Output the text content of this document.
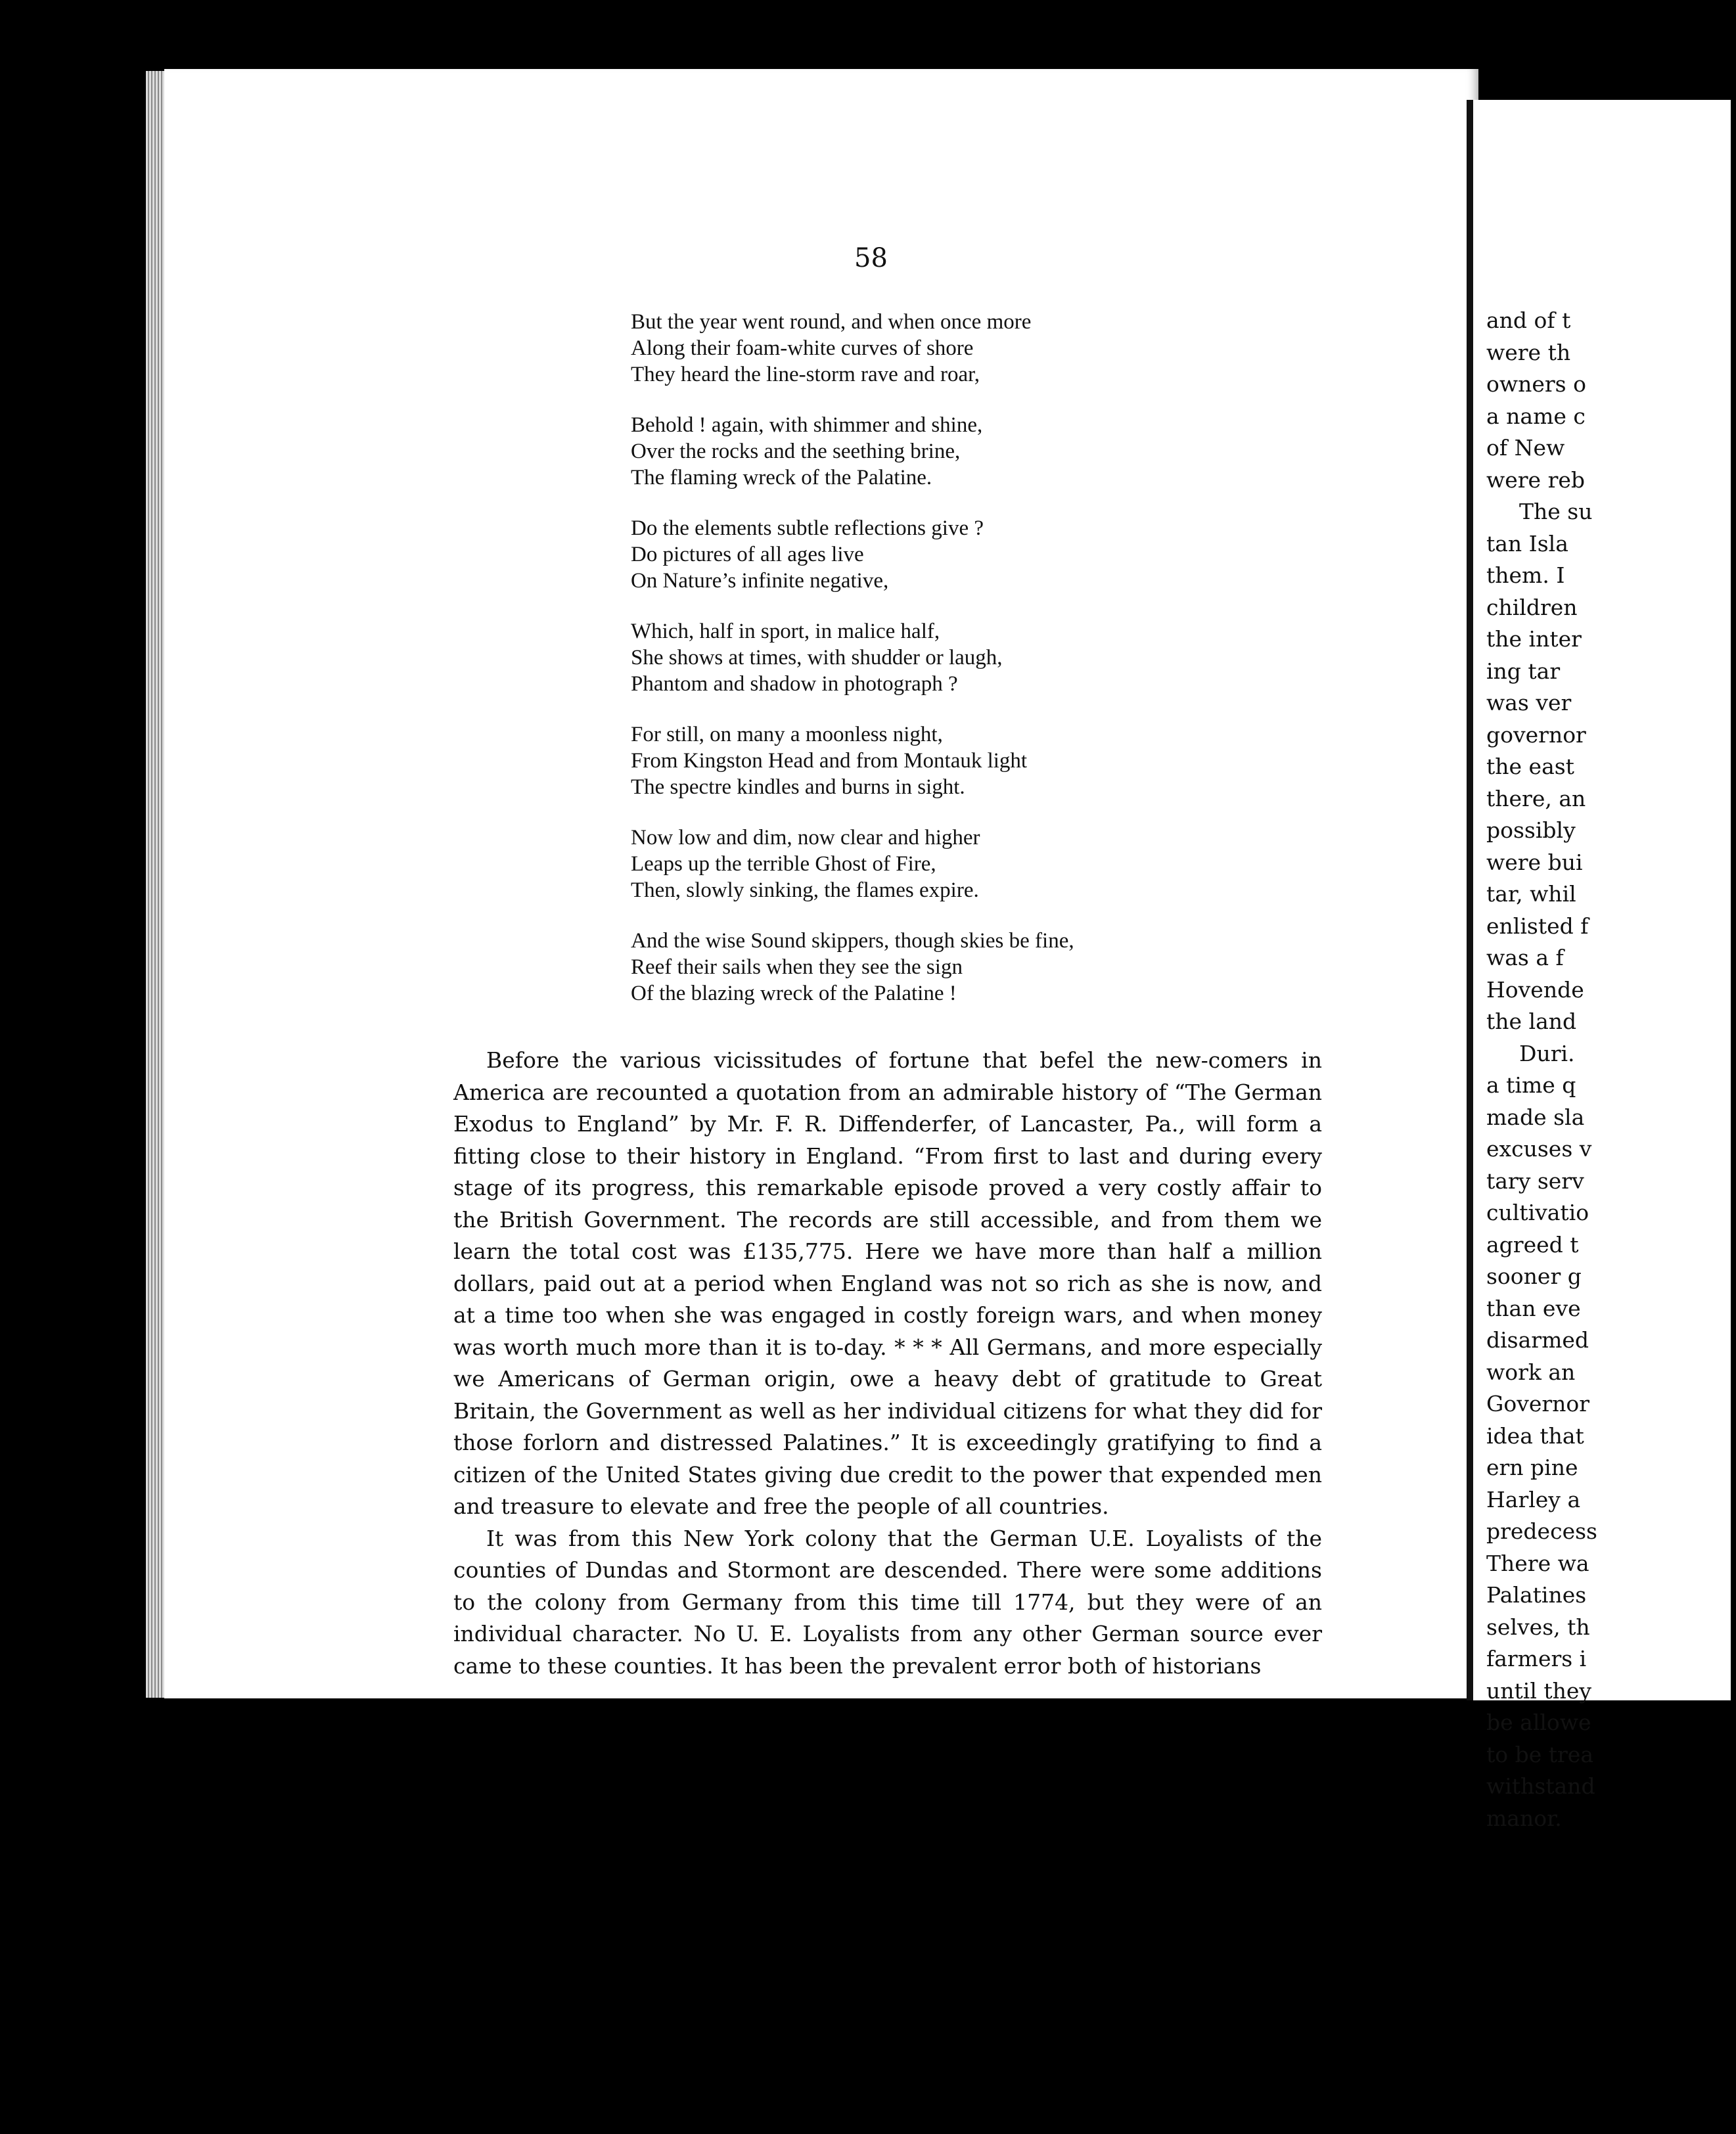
58
But the year went round, and when once more
Along their foam-white curves of shore
They heard the line-storm rave and roar,
Behold ! again, with shimmer and shine,
Over the rocks and the seething brine,
The flaming wreck of the Palatine.
Do the elements subtle reflections give ?
Do pictures of all ages live
On Nature’s infinite negative,
Which, half in sport, in malice half,
She shows at times, with shudder or laugh,
Phantom and shadow in photograph ?
For still, on many a moonless night,
From Kingston Head and from Montauk light
The spectre kindles and burns in sight.
Now low and dim, now clear and higher
Leaps up the terrible Ghost of Fire,
Then, slowly sinking, the flames expire.
And the wise Sound skippers, though skies be fine,
Reef their sails when they see the sign
Of the blazing wreck of the Palatine !

Before the various vicissitudes of fortune that befel the new-comers in America are recounted a quotation from an admirable history of “The German Exodus to England” by Mr. F. R. Diffenderfer, of Lancaster, Pa., will form a fitting close to their history in England. “From first to last and during every stage of its progress, this remarkable episode proved a very costly affair to the British Government. The records are still accessible, and from them we learn the total cost was £135,775. Here we have more than half a million dollars, paid out at a period when England was not so rich as she is now, and at a time too when she was engaged in costly foreign wars, and when money was worth much more than it is to-day. * * * All Germans, and more especially we Americans of German origin, owe a heavy debt of gratitude to Great Britain, the Government as well as her individual citizens for what they did for those forlorn and distressed Palatines.” It is exceedingly gratifying to find a citizen of the United States giving due credit to the power that expended men and treasure to elevate and free the people of all countries.

It was from this New York colony that the German U.E. Loyalists of the counties of Dundas and Stormont are descended. There were some additions to the colony from Germany from this time till 1774, but they were of an individual character. No U. E. Loyalists from any other German source ever came to these counties. It has been the prevalent error both of historians

and of t
were th
owners o
a name c
of New
were reb
The su
tan Isla
them. I
children
the inter
ing tar
was ver
governor
the east
there, an
possibly
were bui
tar, whil
enlisted f
was a f
Hovende
the land
Duri.
a time q
made sla
excuses v
tary serv
cultivatio
agreed t
sooner g
than eve
disarmed
work an
Governor
idea that
ern pine
Harley a
predecess
There wa
Palatines
selves, th
farmers i
until they
be allowe
to be trea
withstand
manor.
